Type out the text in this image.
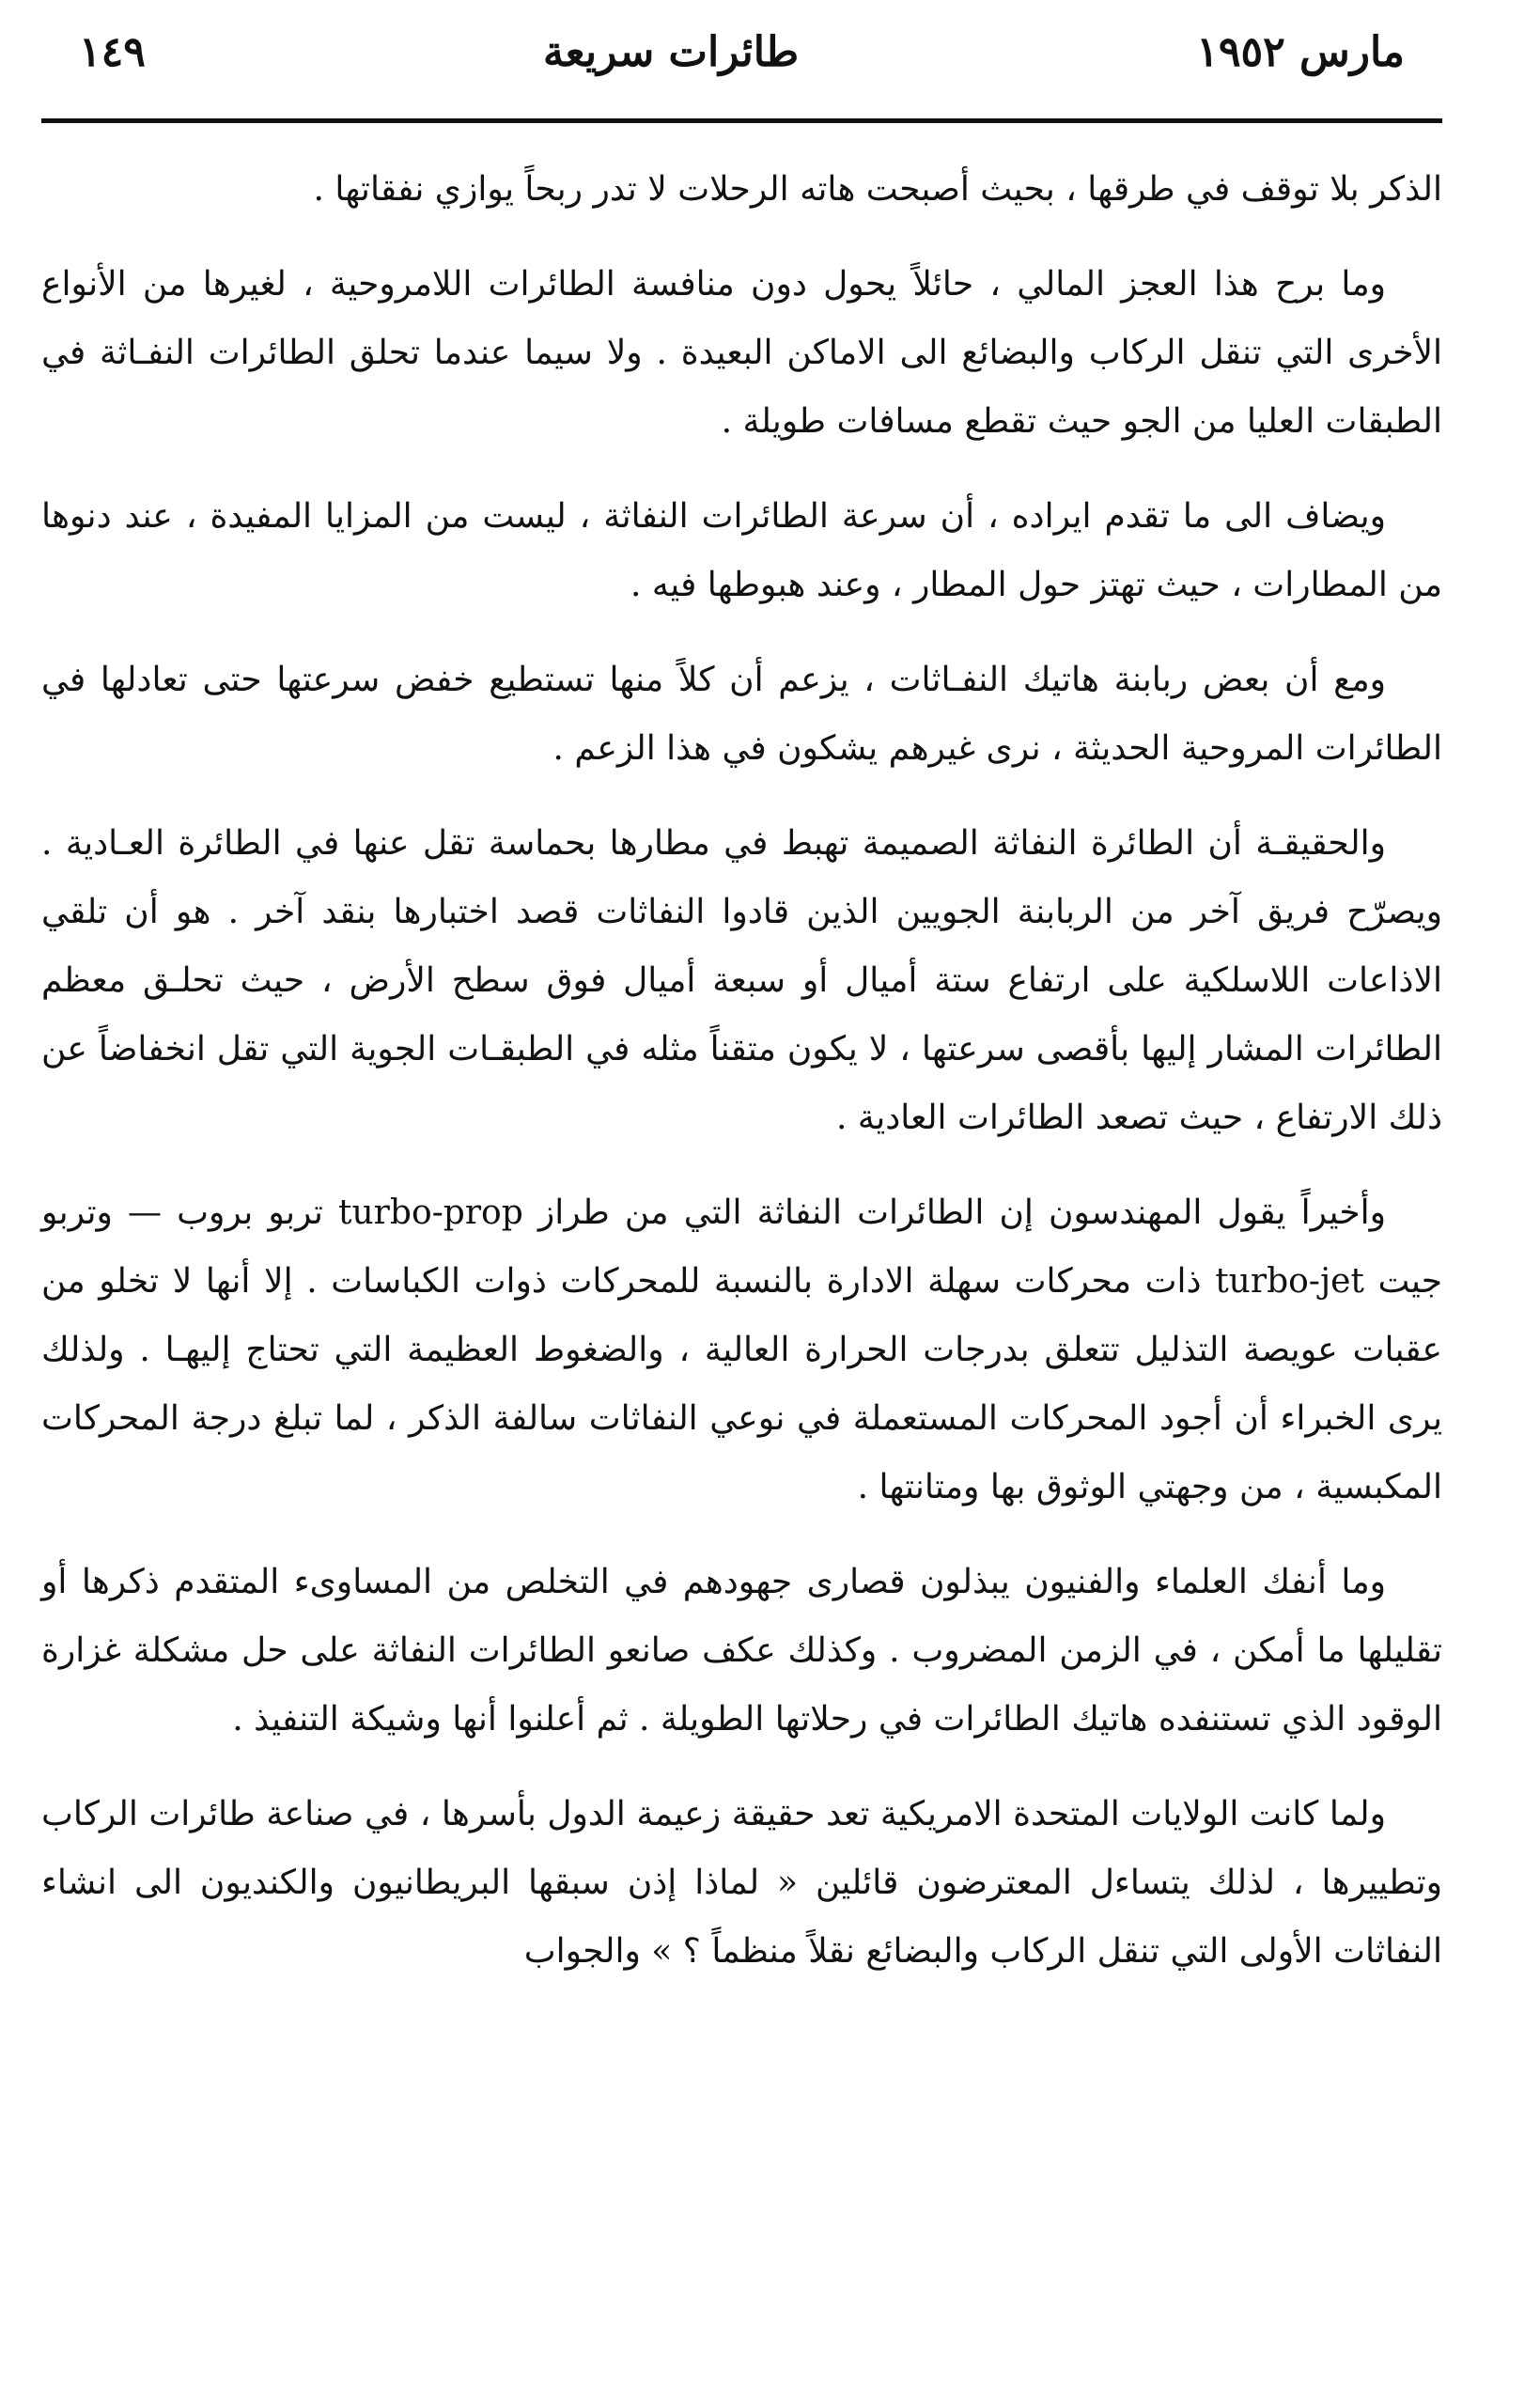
مارس ١٩٥٢
طائرات سريعة
١٤٩

الذكر بلا توقف في طرقها ، بحيث أصبحت هاته الرحلات لا تدر ربحاً يوازي نفقاتها .

وما برح هذا العجز المالي ، حائلاً يحول دون منافسة الطائرات اللامروحية ، لغيرها من الأنواع الأخرى التي تنقل الركاب والبضائع الى الاماكن البعيدة . ولا سيما عندما تحلق الطائرات النفـاثة في الطبقات العليا من الجو حيث تقطع مسافات طويلة .

ويضاف الى ما تقدم ايراده ، أن سرعة الطائرات النفاثة ، ليست من المزايا المفيدة ، عند دنوها من المطارات ، حيث تهتز حول المطار ، وعند هبوطها فيه .

ومع أن بعض ربابنة هاتيك النفـاثات ، يزعم أن كلاً منها تستطيع خفض سرعتها حتى تعادلها في الطائرات المروحية الحديثة ، نرى غيرهم يشكون في هذا الزعم .

والحقيقـة أن الطائرة النفاثة الصميمة تهبط في مطارها بحماسة تقل عنها في الطائرة العـادية . ويصرّح فريق آخر من الربابنة الجويين الذين قادوا النفاثات قصد اختبارها بنقد آخر . هو أن تلقي الاذاعات اللاسلكية على ارتفاع ستة أميال أو سبعة أميال فوق سطح الأرض ، حيث تحلـق معظم الطائرات المشار إليها بأقصى سرعتها ، لا يكون متقناً مثله في الطبقـات الجوية التي تقل انخفاضاً عن ذلك الارتفاع ، حيث تصعد الطائرات العادية .

وأخيراً يقول المهندسون إن الطائرات النفاثة التي من طراز turbo-prop تربو بروب — وتربو جيت turbo-jet ذات محركات سهلة الادارة بالنسبة للمحركات ذوات الكباسات . إلا أنها لا تخلو من عقبات عويصة التذليل تتعلق بدرجات الحرارة العالية ، والضغوط العظيمة التي تحتاج إليهـا . ولذلك يرى الخبراء أن أجود المحركات المستعملة في نوعي النفاثات سالفة الذكر ، لما تبلغ درجة المحركات المكبسية ، من وجهتي الوثوق بها ومتانتها .

وما أنفك العلماء والفنيون يبذلون قصارى جهودهم في التخلص من المساوىء المتقدم ذكرها أو تقليلها ما أمكن ، في الزمن المضروب . وكذلك عكف صانعو الطائرات النفاثة على حل مشكلة غزارة الوقود الذي تستنفده هاتيك الطائرات في رحلاتها الطويلة . ثم أعلنوا أنها وشيكة التنفيذ .

ولما كانت الولايات المتحدة الامريكية تعد حقيقة زعيمة الدول بأسرها ، في صناعة طائرات الركاب وتطييرها ، لذلك يتساءل المعترضون قائلين « لماذا إذن سبقها البريطانيون والكنديون الى انشاء النفاثات الأولى التي تنقل الركاب والبضائع نقلاً منظماً ؟ » والجواب
